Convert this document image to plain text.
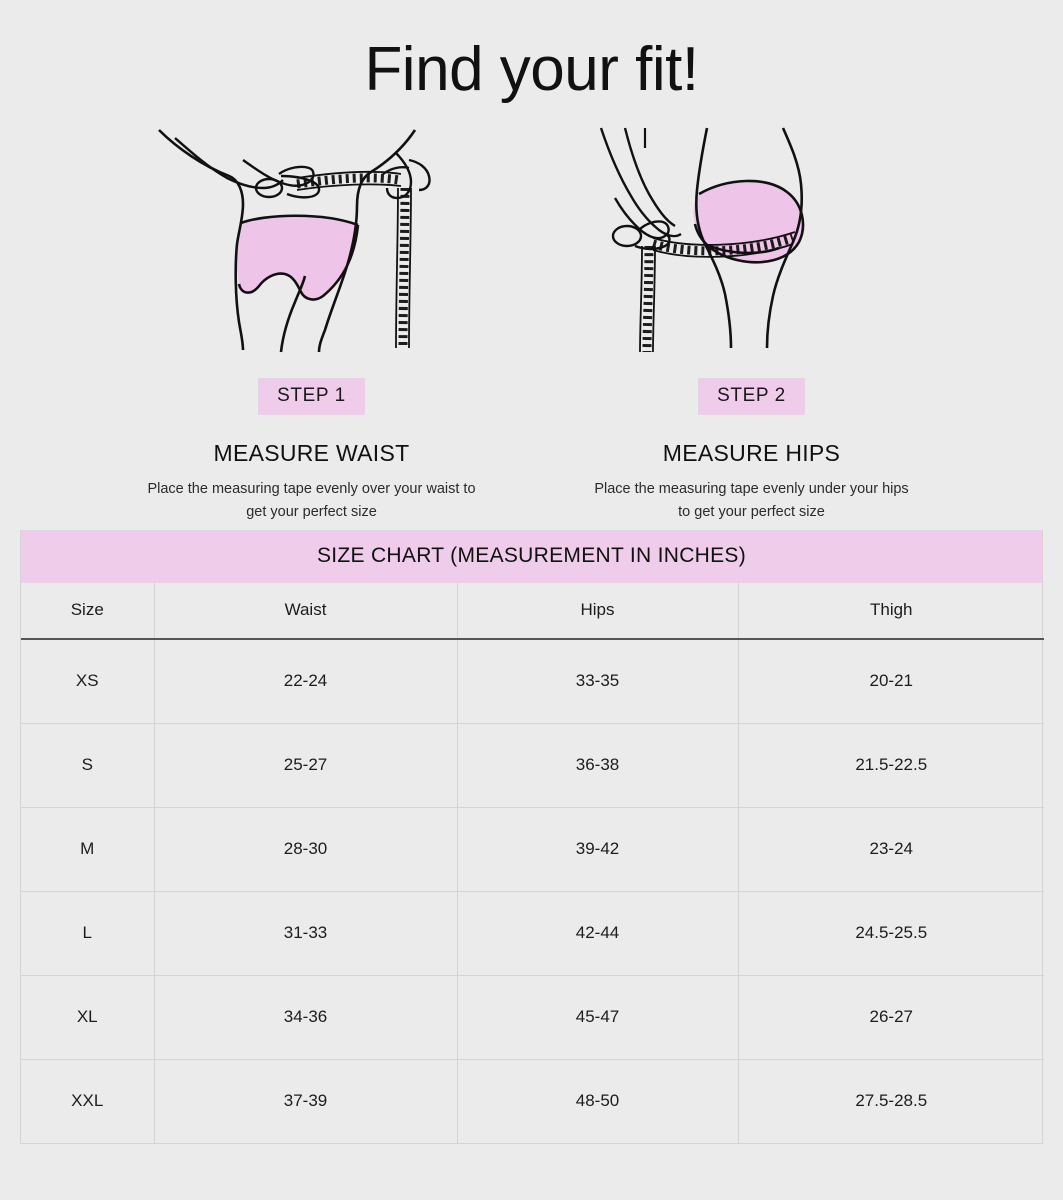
Find your fit!
STEP 1
MEASURE WAIST
Place the measuring tape evenly over your waist to get your perfect size
STEP 2
MEASURE HIPS
Place the measuring tape evenly under your hips to get your perfect size
SIZE CHART (MEASUREMENT IN INCHES)
Size	Waist	Hips	Thigh
XS	22-24	33-35	20-21
S	25-27	36-38	21.5-22.5
M	28-30	39-42	23-24
L	31-33	42-44	24.5-25.5
XL	34-36	45-47	26-27
XXL	37-39	48-50	27.5-28.5
